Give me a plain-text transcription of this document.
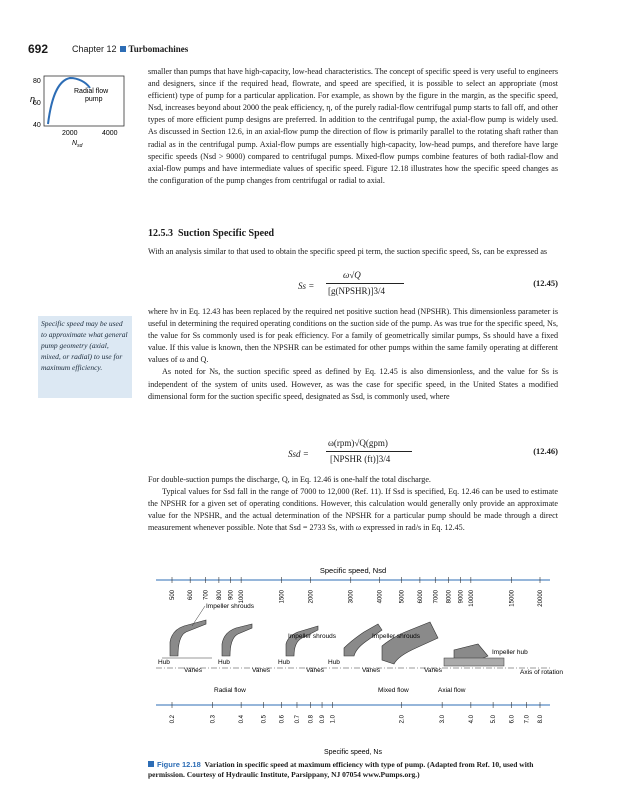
692	Chapter 12 Turbomachines
η
80
60
40
Radial flow
pump
2000	4000
$N_{sd}$

smaller than pumps that have high-capacity, low-head characteristics. The concept of specific speed is very useful to engineers and designers, since if the required head, flowrate, and speed are specified, it is possible to select an appropriate (most efficient) type of pump for a particular application. For example, as shown by the figure in the margin, as the specific speed, Nsd, increases beyond about 2000 the peak efficiency, η, of the purely radial-flow centrifugal pump starts to fall off, and other types of more efficient pump designs are preferred. In addition to the centrifugal pump, the axial-flow pump is widely used. As discussed in Section 12.6, in an axial-flow pump the direction of flow is primarily parallel to the rotating shaft rather than radial as in the centrifugal pump. Axial-flow pumps are essentially high-capacity, low-head pumps, and therefore have large specific speeds (Nsd > 9000) compared to centrifugal pumps. Mixed-flow pumps combine features of both radial-flow and axial-flow pumps and have intermediate values of specific speed. Figure 12.18 illustrates how the specific speed changes as the configuration of the pump changes from centrifugal or radial to axial.

12.5.3 Suction Specific Speed

With an analysis similar to that used to obtain the specific speed pi term, the suction specific speed, Ss, can be expressed as

Ss =
ω√Q
[g(NPSHR)]3/4
(12.45)
Specific speed may be used to approximate what general pump geometry (axial, mixed, or radial) to use for maximum efficiency.

where hv in Eq. 12.43 has been replaced by the required net positive suction head (NPSHR). This dimensionless parameter is useful in determining the required operating conditions on the suction side of the pump. As was true for the specific speed, Ns, the value for Ss commonly used is for peak efficiency. For a family of geometrically similar pumps, Ss should have a fixed value. If this value is known, then the NPSHR can be estimated for other pumps within the same family operating at different values of ω and Q.

As noted for Ns, the suction specific speed as defined by Eq. 12.45 is also dimensionless, and the value for Ss is independent of the system of units used. However, as was the case for specific speed, in the United States a modified dimensional form for the suction specific speed, designated as Ssd, is commonly used, where

Ssd =
ω(rpm)√Q(gpm)
[NPSHR (ft)]3/4
(12.46)

For double-suction pumps the discharge, Q, in Eq. 12.46 is one-half the total discharge.

Typical values for Ssd fall in the range of 7000 to 12,000 (Ref. 11). If Ssd is specified, Eq. 12.46 can be used to estimate the NPSHR for a given set of operating conditions. However, this calculation would generally only provide an approximate value for the NPSHR, and the actual determination of the NPSHR for a particular pump should be made through a direct measurement whenever possible. Note that Ssd = 2733 Ss, with ω expressed in rad/s in Eq. 12.45.

Specific speed, Nsd
500 600 700 800 900 1000	1500	2000	3000	4000	5000 6000 7000 8000 9000 10000	15000	20000
Impeller shrouds
Impeller shrouds	Impeller shrouds
Impeller hub
Hub	Hub	Hub	Hub
Vanes	Vanes	Vanes	Vanes	Vanes	Axis of rotation
Radial flow	Mixed flow	Axial flow
0.2	0.3	0.4	0.5 0.6 0.7 0.8 0.9 1.0	2.0	3.0	4.0	5.0 6.0 7.0 8.0
Specific speed, Ns
Figure 12.18 Variation in specific speed at maximum efficiency with type of pump. (Adapted from Ref. 10, used with permission. Courtesy of Hydraulic Institute, Parsippany, NJ 07054 www.Pumps.org.)
